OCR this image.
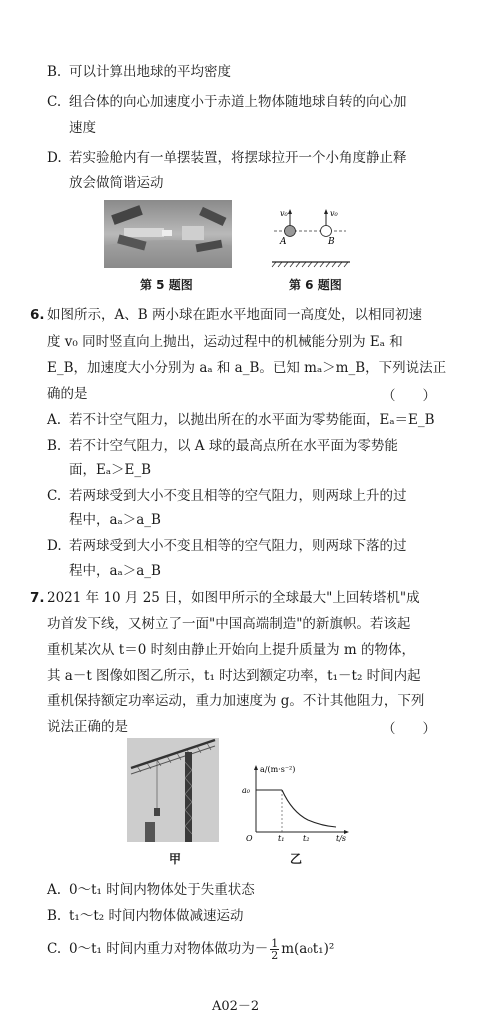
B. 可以计算出地球的平均密度
C. 组合体的向心加速度小于赤道上物体随地球自转的向心加
速度
D. 若实验舱内有一单摆装置，将摆球拉开一个小角度静止释
放会做简谐运动
v₀	v₀
A	B
第 5 题图	第 6 题图
6. 如图所示，A、B 两小球在距水平地面同一高度处，以相同初速
度 v₀ 同时竖直向上抛出，运动过程中的机械能分别为 Eₐ 和
E_B，加速度大小分别为 aₐ 和 a_B。已知 mₐ＞m_B，下列说法正
确的是	（　　）
A. 若不计空气阻力，以抛出所在的水平面为零势能面，Eₐ＝E_B
B. 若不计空气阻力，以 A 球的最高点所在水平面为零势能
面，Eₐ＞E_B
C. 若两球受到大小不变且相等的空气阻力，则两球上升的过
程中，aₐ＞a_B
D. 若两球受到大小不变且相等的空气阻力，则两球下落的过
程中，aₐ＞a_B
7. 2021 年 10 月 25 日，如图甲所示的全球最大"上回转塔机"成
功首发下线，又树立了一面"中国高端制造"的新旗帜。若该起
重机某次从 t＝0 时刻由静止开始向上提升质量为 m 的物体，
其 a－t 图像如图乙所示，t₁ 时达到额定功率，t₁－t₂ 时间内起
重机保持额定功率运动，重力加速度为 g。不计其他阻力，下列
说法正确的是	（　　）
a/(m·s⁻²)
a₀
O	t₁ t₂	t/s
甲	乙
A. 0～t₁ 时间内物体处于失重状态
B. t₁～t₂ 时间内物体做减速运动
C. 0～t₁ 时间内重力对物体做功为－ $\frac{1}{2} m(a_0t_1)^2$
A02－2
